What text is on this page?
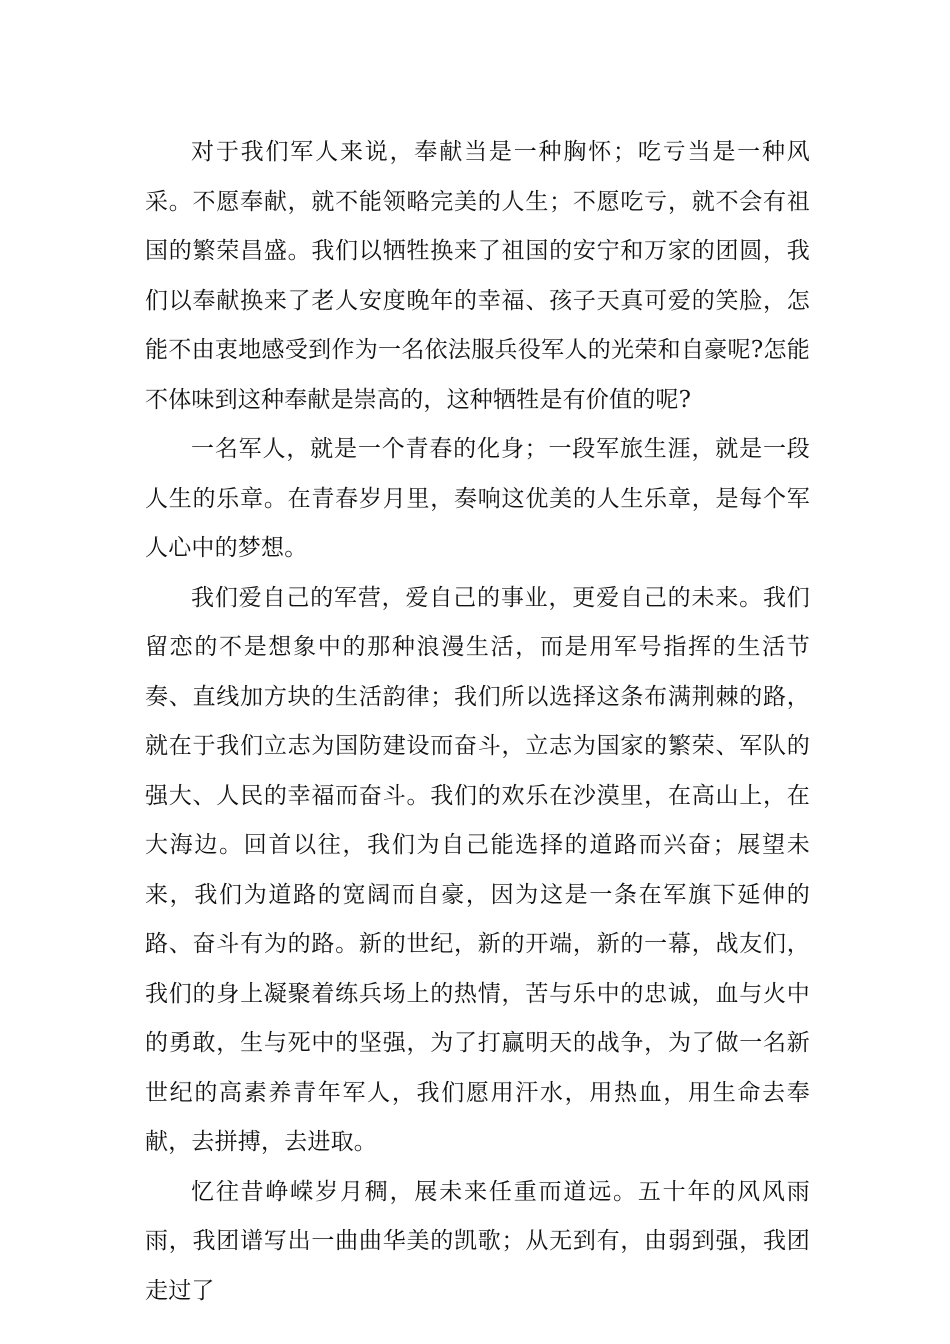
对于我们军人来说，奉献当是一种胸怀；吃亏当是一种风采。不愿奉献，就不能领略完美的人生；不愿吃亏，就不会有祖国的繁荣昌盛。我们以牺牲换来了祖国的安宁和万家的团圆，我们以奉献换来了老人安度晚年的幸福、孩子天真可爱的笑脸，怎能不由衷地感受到作为一名依法服兵役军人的光荣和自豪呢?怎能不体味到这种奉献是崇高的，这种牺牲是有价值的呢?

一名军人，就是一个青春的化身；一段军旅生涯，就是一段人生的乐章。在青春岁月里，奏响这优美的人生乐章，是每个军人心中的梦想。

我们爱自己的军营，爱自己的事业，更爱自己的未来。我们留恋的不是想象中的那种浪漫生活，而是用军号指挥的生活节奏、直线加方块的生活韵律；我们所以选择这条布满荆棘的路，就在于我们立志为国防建设而奋斗，立志为国家的繁荣、军队的强大、人民的幸福而奋斗。我们的欢乐在沙漠里，在高山上，在大海边。回首以往，我们为自己能选择的道路而兴奋；展望未来，我们为道路的宽阔而自豪，因为这是一条在军旗下延伸的路、奋斗有为的路。新的世纪，新的开端，新的一幕，战友们，我们的身上凝聚着练兵场上的热情，苦与乐中的忠诚，血与火中的勇敢，生与死中的坚强，为了打赢明天的战争，为了做一名新世纪的高素养青年军人，我们愿用汗水，用热血，用生命去奉献，去拼搏，去进取。

忆往昔峥嵘岁月稠，展未来任重而道远。五十年的风风雨雨，我团谱写出一曲曲华美的凯歌；从无到有，由弱到强，我团走过了
